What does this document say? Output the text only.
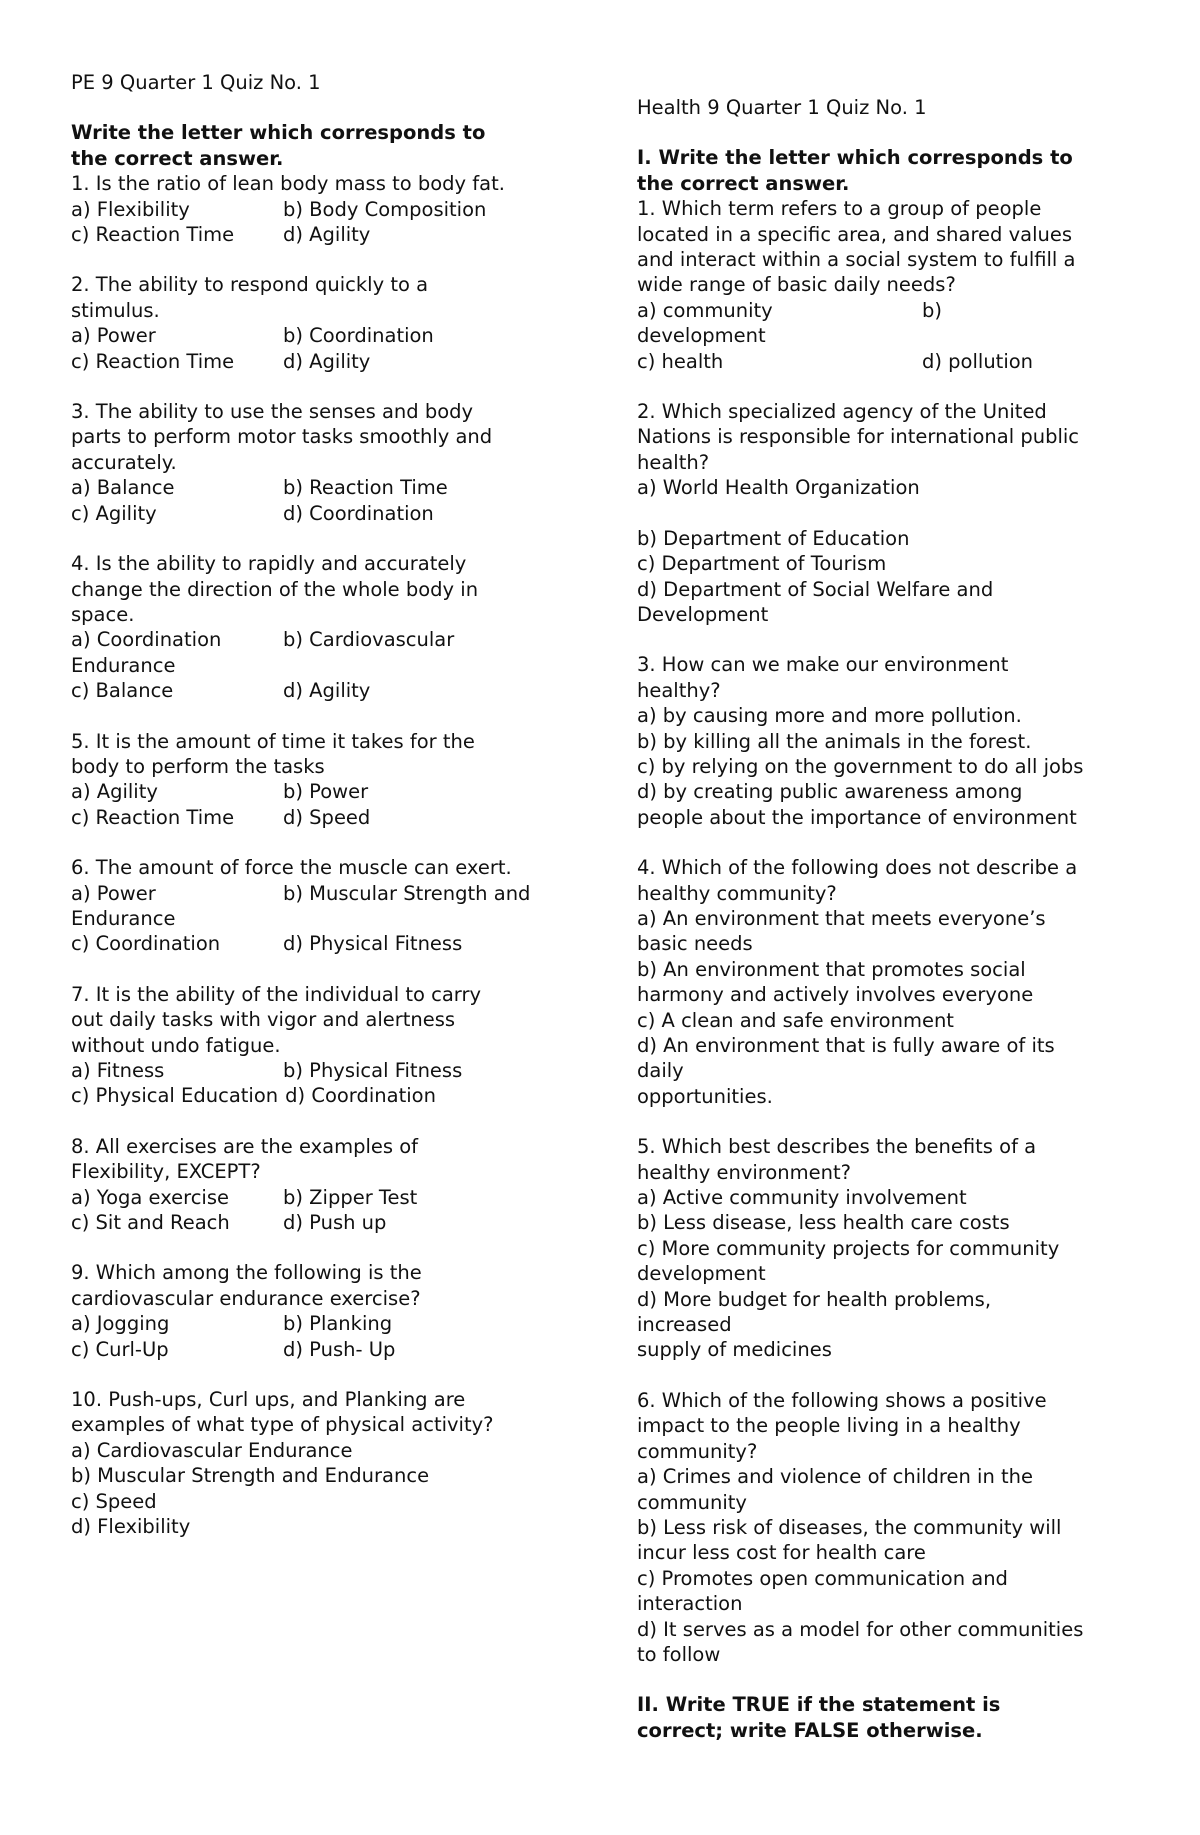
PE 9 Quarter 1 Quiz No. 1
Write the letter which corresponds to
the correct answer.
1. Is the ratio of lean body mass to body fat.
a) Flexibility	b) Body Composition
c) Reaction Time	d) Agility
2. The ability to respond quickly to a
stimulus.
a) Power	b) Coordination
c) Reaction Time	d) Agility
3. The ability to use the senses and body
parts to perform motor tasks smoothly and
accurately.
a) Balance	b) Reaction Time
c) Agility	d) Coordination
4. Is the ability to rapidly and accurately
change the direction of the whole body in
space.
a) Coordination	b) Cardiovascular
Endurance
c) Balance	d) Agility
5. It is the amount of time it takes for the
body to perform the tasks
a) Agility	b) Power
c) Reaction Time	d) Speed
6. The amount of force the muscle can exert.
a) Power	b) Muscular Strength and
Endurance
c) Coordination	d) Physical Fitness
7. It is the ability of the individual to carry
out daily tasks with vigor and alertness
without undo fatigue.
a) Fitness	b) Physical Fitness
c) Physical Education d) Coordination
8. All exercises are the examples of
Flexibility, EXCEPT?
a) Yoga exercise	b) Zipper Test
c) Sit and Reach	d) Push up
9. Which among the following is the
cardiovascular endurance exercise?
a) Jogging	b) Planking
c) Curl-Up	d) Push- Up
10. Push-ups, Curl ups, and Planking are
examples of what type of physical activity?
a) Cardiovascular Endurance
b) Muscular Strength and Endurance
c) Speed
d) Flexibility
Health 9 Quarter 1 Quiz No. 1
I. Write the letter which corresponds to
the correct answer.
1. Which term refers to a group of people
located in a specific area, and shared values
and interact within a social system to fulfill a
wide range of basic daily needs?
a) community	b)
development
c) health	d) pollution
2. Which specialized agency of the United
Nations is responsible for international public
health?
a) World Health Organization
b) Department of Education
c) Department of Tourism
d) Department of Social Welfare and
Development
3. How can we make our environment
healthy?
a) by causing more and more pollution.
b) by killing all the animals in the forest.
c) by relying on the government to do all jobs
d) by creating public awareness among
people about the importance of environment
4. Which of the following does not describe a
healthy community?
a) An environment that meets everyone’s
basic needs
b) An environment that promotes social
harmony and actively involves everyone
c) A clean and safe environment
d) An environment that is fully aware of its
daily
opportunities.
5. Which best describes the benefits of a
healthy environment?
a) Active community involvement
b) Less disease, less health care costs
c) More community projects for community
development
d) More budget for health problems,
increased
supply of medicines
6. Which of the following shows a positive
impact to the people living in a healthy
community?
a) Crimes and violence of children in the
community
b) Less risk of diseases, the community will
incur less cost for health care
c) Promotes open communication and
interaction
d) It serves as a model for other communities
to follow
II. Write TRUE if the statement is
correct; write FALSE otherwise.
